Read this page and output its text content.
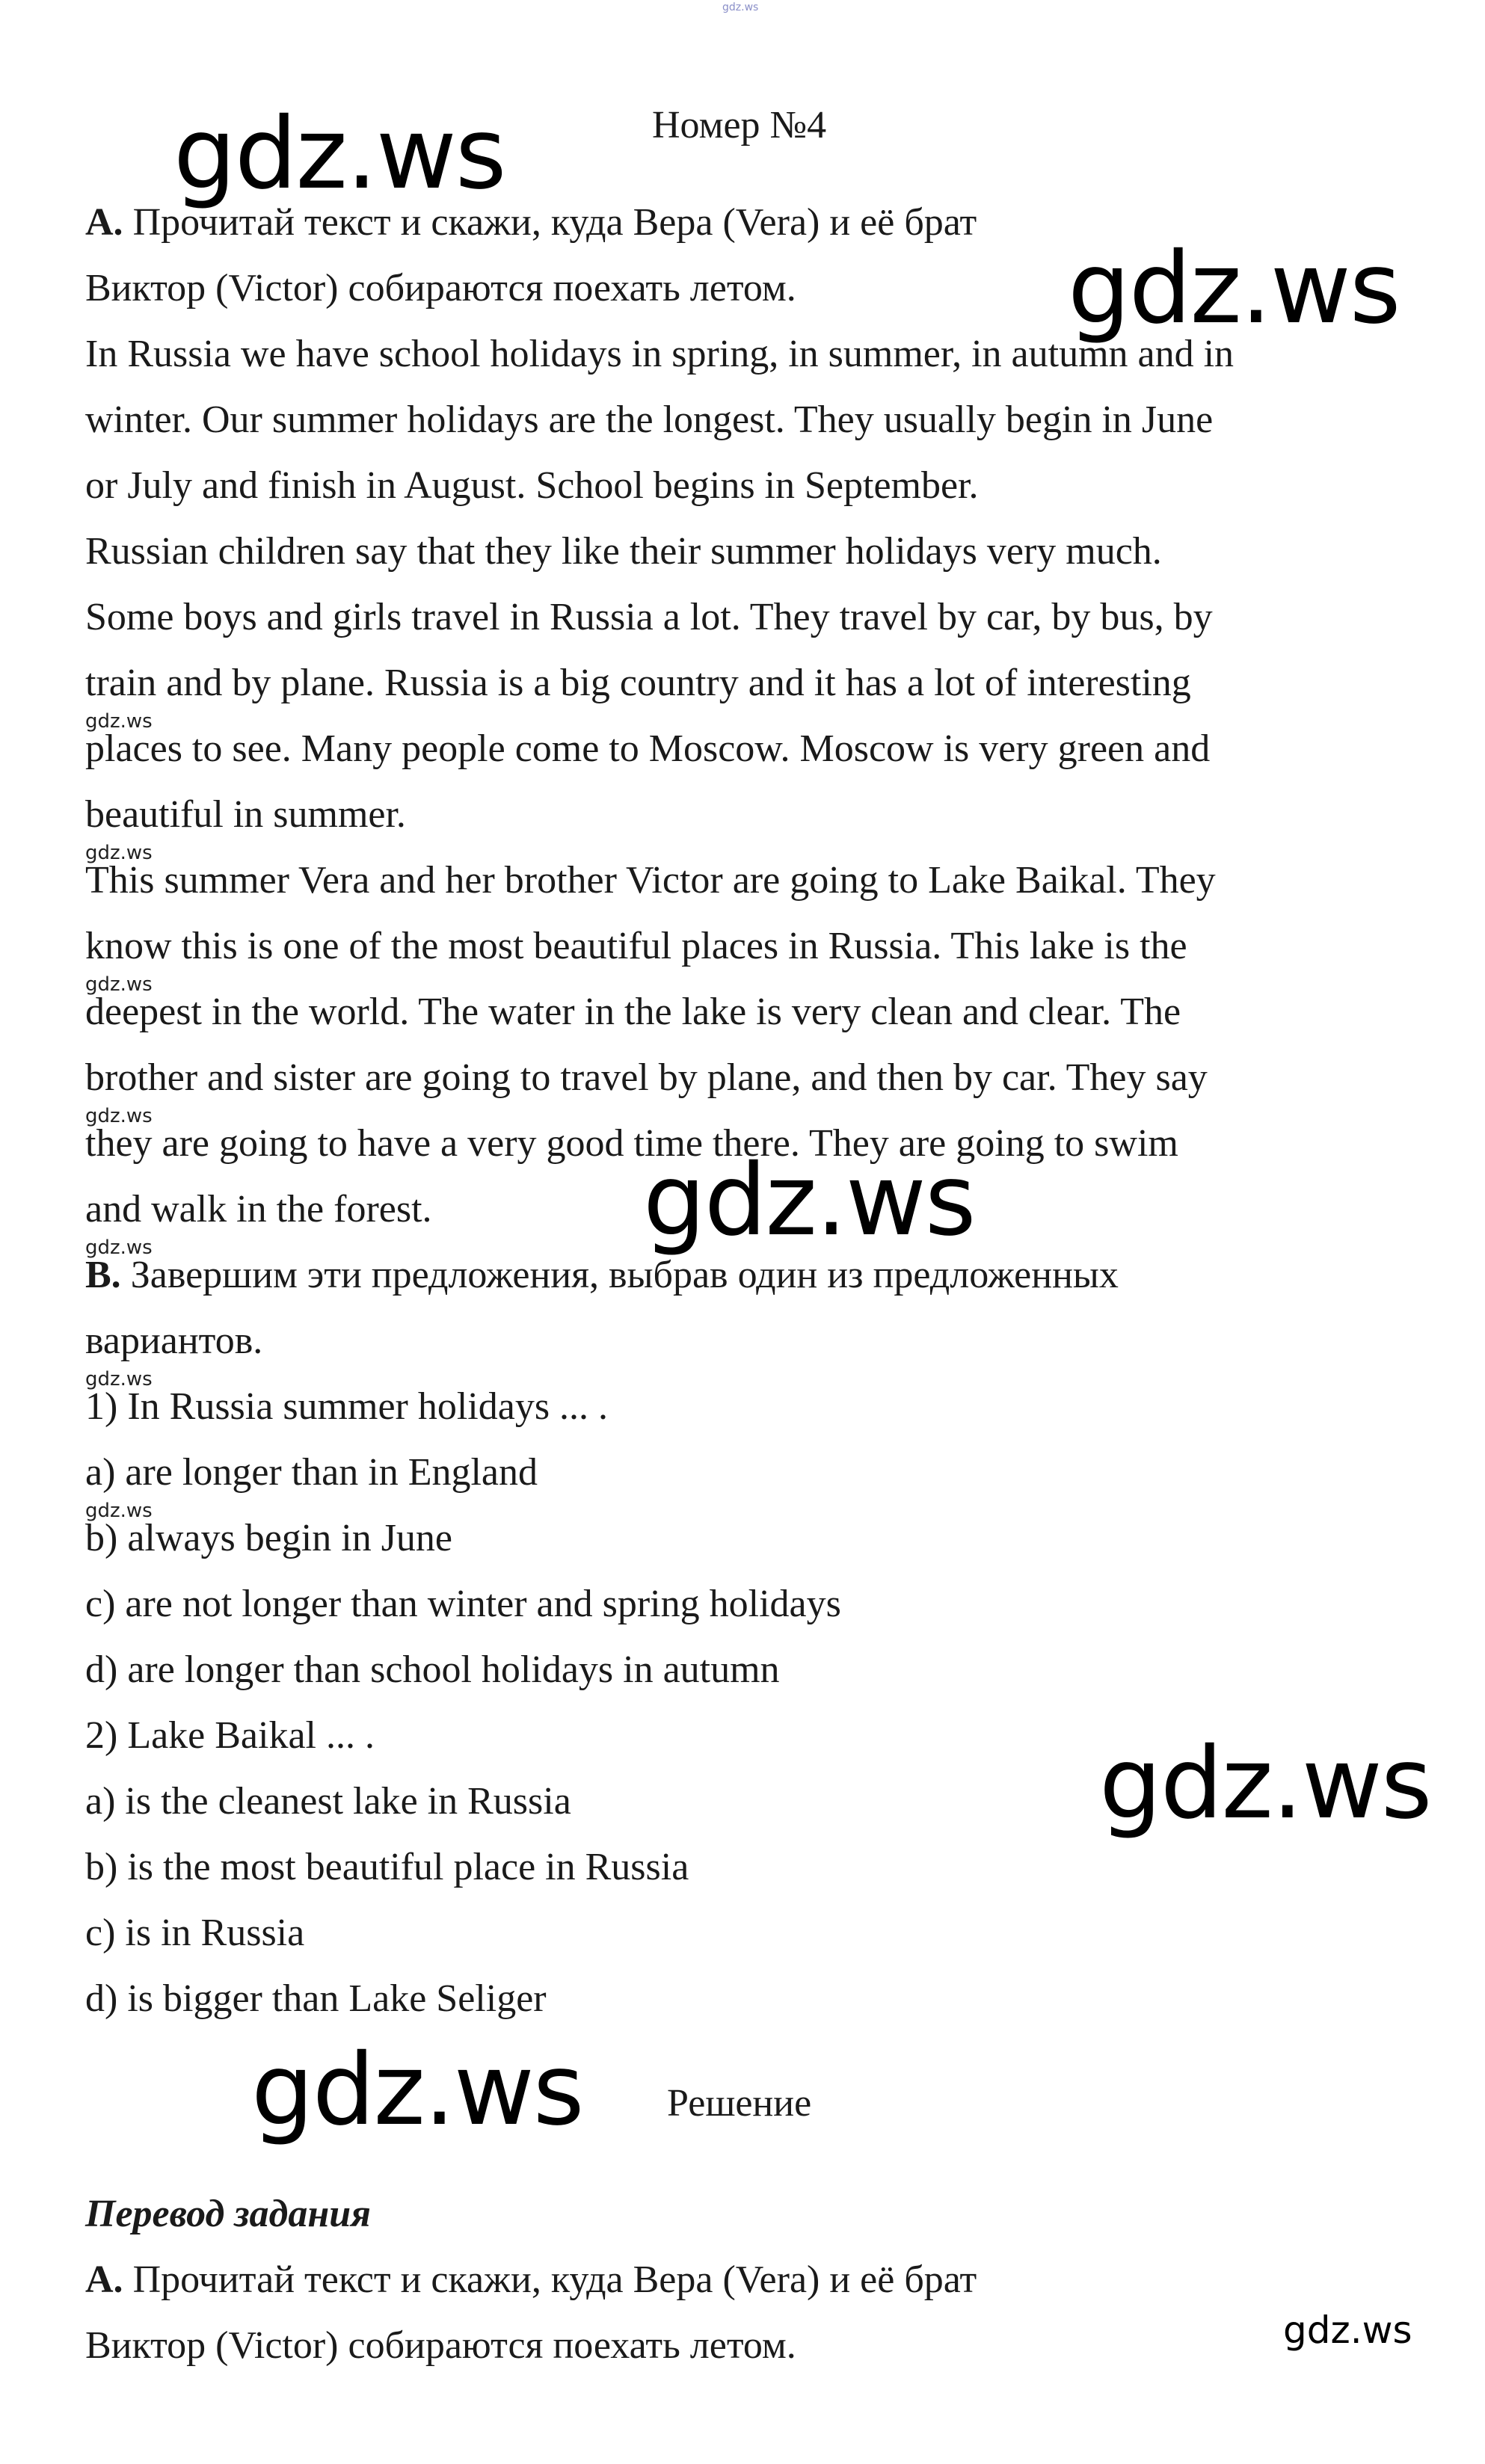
gdz.ws
gdz.ws	Номер №4
А. Прочитай текст и скажи, куда Вера (Vera) и её брат
gdz.ws
Виктор (Victor) собираются поехать летом.
In Russia we have school holidays in spring, in summer, in autumn and in
winter. Our summer holidays are the longest. They usually begin in June
or July and finish in August. School begins in September.
Russian children say that they like their summer holidays very much.
Some boys and girls travel in Russia a lot. They travel by car, by bus, by
train and by plane. Russia is a big country and it has a lot of interesting
gdz.ws
places to see. Many people come to Moscow. Moscow is very green and
beautiful in summer.
gdz.ws
This summer Vera and her brother Victor are going to Lake Baikal. They
know this is one of the most beautiful places in Russia. This lake is the
gdz.ws
deepest in the world. The water in the lake is very clean and clear. The
brother and sister are going to travel by plane, and then by car. They say
gdz.ws
they are going to have a very good time there. They are going to swim
gdz.ws
and walk in the forest.
gdz.ws
В. Завершим эти предложения, выбрав один из предложенных
вариантов.
gdz.ws
1) In Russia summer holidays ... .
a) are longer than in England
gdz.ws
b) always begin in June
c) are not longer than winter and spring holidays
d) are longer than school holidays in autumn
2) Lake Baikal ... .	gdz.ws
a) is the cleanest lake in Russia
b) is the most beautiful place in Russia
c) is in Russia
d) is bigger than Lake Seliger
gdz.ws Решение
Перевод задания
А. Прочитай текст и скажи, куда Вера (Vera) и её брат
Виктор (Victor) собираются поехать летом.	gdz.ws
